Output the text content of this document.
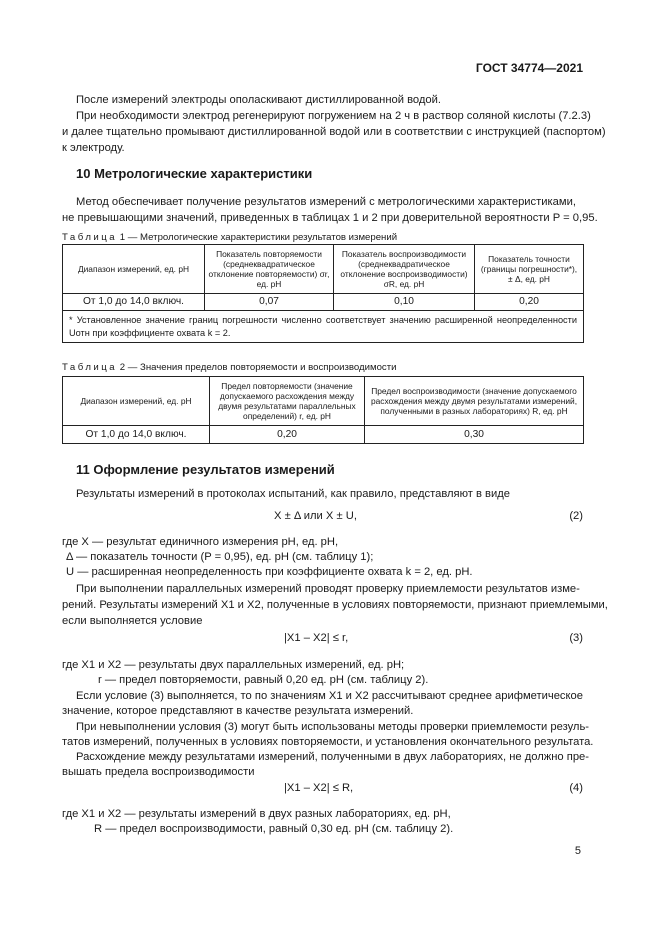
ГОСТ 34774—2021
После измерений электроды ополаскивают дистиллированной водой.
При необходимости электрод регенерируют погружением на 2 ч в раствор соляной кислоты (7.2.3)
и далее тщательно промывают дистиллированной водой или в соответствии с инструкцией (паспортом)
к электроду.
10 Метрологические характеристики
Метод обеспечивает получение результатов измерений с метрологическими характеристиками,
не превышающими значений, приведенных в таблицах 1 и 2 при доверительной вероятности P = 0,95.
Таблица 1 — Метрологические характеристики результатов измерений
Диапазон измерений, ед. pH	Показатель повторяемости (среднеквадратическое отклонение повторяемости) σr, ед. pH	Показатель воспроизводимости (среднеквадратическое отклонение воспроизводимости) σR, ед. pH	Показатель точности (границы погрешности*), ± Δ, ед. pH
От 1,0 до 14,0 включ.	0,07	0,10	0,20
* Установленное значение границ погрешности численно соответствует значению расширенной неопределенности Uотн при коэффициенте охвата k = 2.			
Таблица 2 — Значения пределов повторяемости и воспроизводимости
Диапазон измерений, ед. pH	Предел повторяемости (значение допускаемого расхождения между двумя результатами параллельных определений) r, ед. pH	Предел воспроизводимости (значение допускаемого расхождения между двумя результатами измерений, полученными в разных лабораториях) R, ед. pH
От 1,0 до 14,0 включ.	0,20	0,30
11 Оформление результатов измерений
Результаты измерений в протоколах испытаний, как правило, представляют в виде
X ± Δ или X ± U,	(2)
где X — результат единичного измерения pH, ед. pH,
Δ — показатель точности (P = 0,95), ед. pH (см. таблицу 1);
U — расширенная неопределенность при коэффициенте охвата k = 2, ед. pH.
При выполнении параллельных измерений проводят проверку приемлемости результатов изме-
рений. Результаты измерений X1 и X2, полученные в условиях повторяемости, признают приемлемыми,
если выполняется условие
|X1 – X2| ≤ r,	(3)
где X1 и X2 — результаты двух параллельных измерений, ед. pH;
r — предел повторяемости, равный 0,20 ед. pH (см. таблицу 2).
Если условие (3) выполняется, то по значениям X1 и X2 рассчитывают среднее арифметическое
значение, которое представляют в качестве результата измерений.
При невыполнении условия (3) могут быть использованы методы проверки приемлемости резуль-
татов измерений, полученных в условиях повторяемости, и установления окончательного результата.
Расхождение между результатами измерений, полученными в двух лабораториях, не должно пре-
вышать предела воспроизводимости
|X1 – X2| ≤ R,	(4)
где X1 и X2 — результаты измерений в двух разных лабораториях, ед. pH,
R — предел воспроизводимости, равный 0,30 ед. pH (см. таблицу 2).
5
